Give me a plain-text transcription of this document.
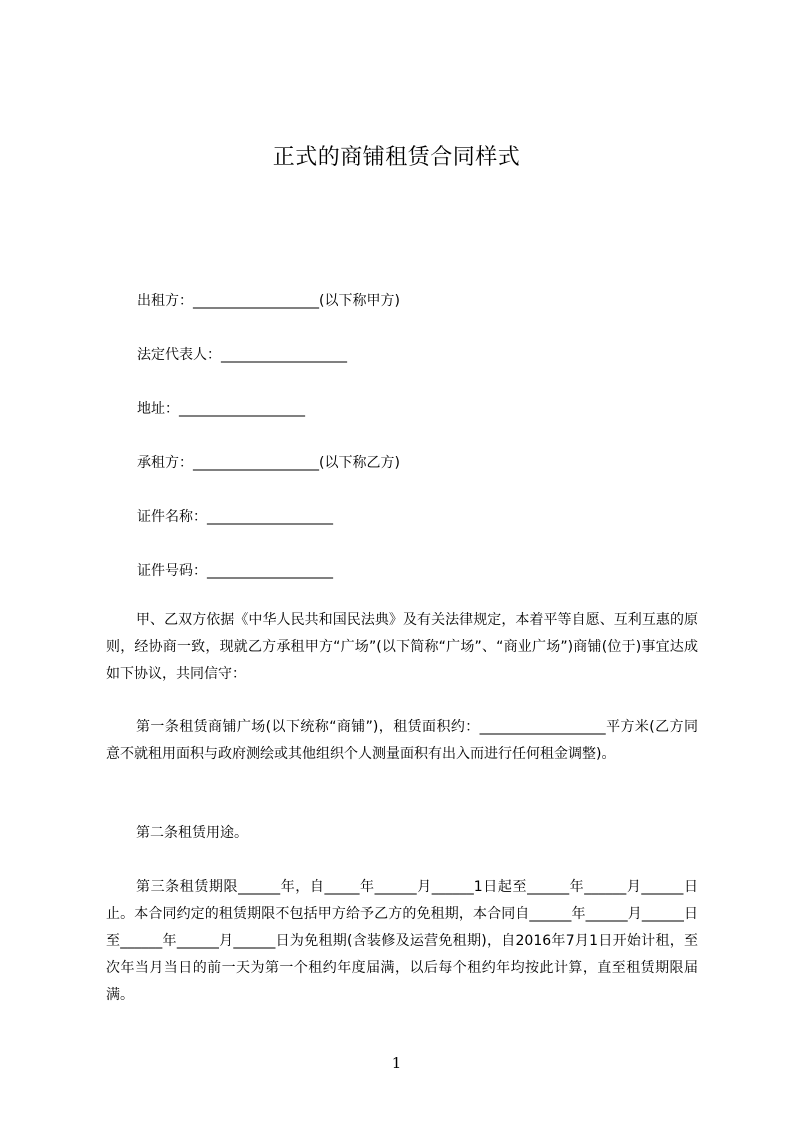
正式的商铺租赁合同样式
出租方：__________________(以下称甲方)
法定代表人：__________________
地址：__________________
承租方：__________________(以下称乙方)
证件名称：__________________
证件号码：__________________
甲、乙双方依据《中华人民共和国民法典》及有关法律规定，本着平等自愿、互利互惠的原则，经协商一致，现就乙方承租甲方“广场”(以下简称“广场”、“商业广场”)商铺(位于)事宜达成如下协议，共同信守：
第一条租赁商铺广场(以下统称“商铺”)，租赁面积约：__________________平方米(乙方同意不就租用面积与政府测绘或其他组织个人测量面积有出入而进行任何租金调整)。
第二条租赁用途。
第三条租赁期限______年，自_____年______月______1日起至______年______月______日止。本合同约定的租赁期限不包括甲方给予乙方的免租期，本合同自______年______月______日至______年______月______日为免租期(含装修及运营免租期)，自2016年7月1日开始计租，至次年当月当日的前一天为第一个租约年度届满，以后每个租约年均按此计算，直至租赁期限届满。
1
